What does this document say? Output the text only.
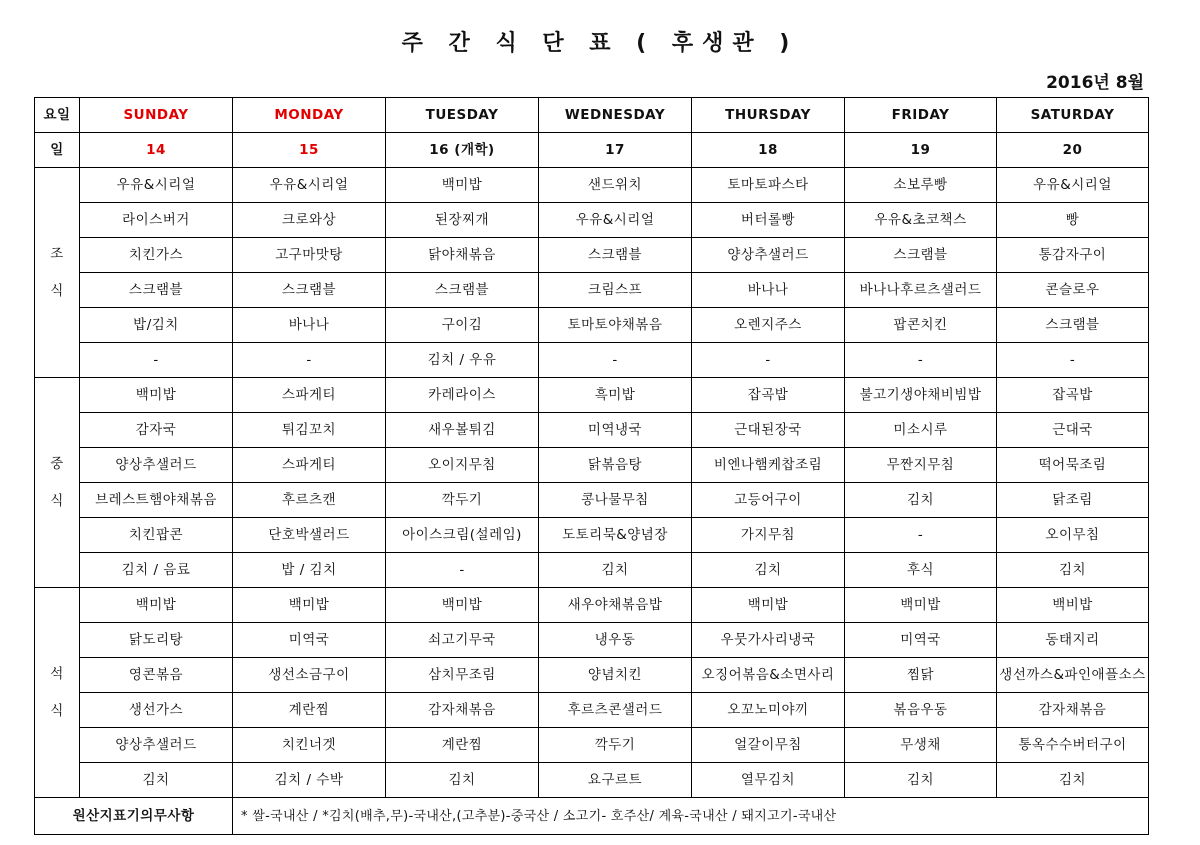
주 간 식 단 표 ( 후생관 )
2016년 8월
요일	SUNDAY	MONDAY	TUESDAY	WEDNESDAY	THURSDAY	FRIDAY	SATURDAY
일	14	15	16 (개학)	17	18	19	20

조
식	우유&시리얼	우유&시리얼	백미밥	샌드위치	토마토파스타	소보루빵	우유&시리얼
	라이스버거	크로와상	된장찌개	우유&시리얼	버터롤빵	우유&초코책스	빵
	치킨가스	고구마맛탕	닭야채볶음	스크램블	양상추샐러드	스크램블	통감자구이
	스크램블	스크램블	스크램블	크림스프	바나나	바나나후르츠샐러드	콘슬로우
	밥/김치	바나나	구이김	토마토야채볶음	오렌지주스	팝콘치킨	스크램블
	-	-	김치 / 우유	-	-	-	-

중
식	백미밥	스파게티	카레라이스	흑미밥	잡곡밥	불고기생야채비빔밥	잡곡밥
	감자국	튀김꼬치	새우볼튀김	미역냉국	근대된장국	미소시루	근대국
	양상추샐러드	스파게티	오이지무침	닭볶음탕	비엔나햄케찹조림	무짠지무침	떡어묵조림
	브레스트햄야채볶음	후르츠캔	깍두기	콩나물무침	고등어구이	김치	닭조림
	치킨팝콘	단호박샐러드	아이스크림(설레임)	도토리묵&양념장	가지무침	-	오이무침
	김치 / 음료	밥 / 김치	-	김치	김치	후식	김치

석
식	백미밥	백미밥	백미밥	새우야채볶음밥	백미밥	백미밥	백비밥
	닭도리탕	미역국	쇠고기무국	냉우동	우뭇가사리냉국	미역국	동태지리
	영콘볶음	생선소금구이	삼치무조림	양념치킨	오징어볶음&소면사리	찜닭	생선까스&파인애플소스
	생선가스	계란찜	감자채볶음	후르츠콘샐러드	오꼬노미야끼	볶음우동	감자채볶음
	양상추샐러드	치킨너겟	계란찜	깍두기	얼갈이무침	무생채	통옥수수버터구이
	김치	김치 / 수박	김치	요구르트	열무김치	김치	김치
원산지표기의무사항		* 쌀-국내산 / *김치(배추,무)-국내산,(고추분)-중국산 / 소고기- 호주산/ 계육-국내산 / 돼지고기-국내산					
